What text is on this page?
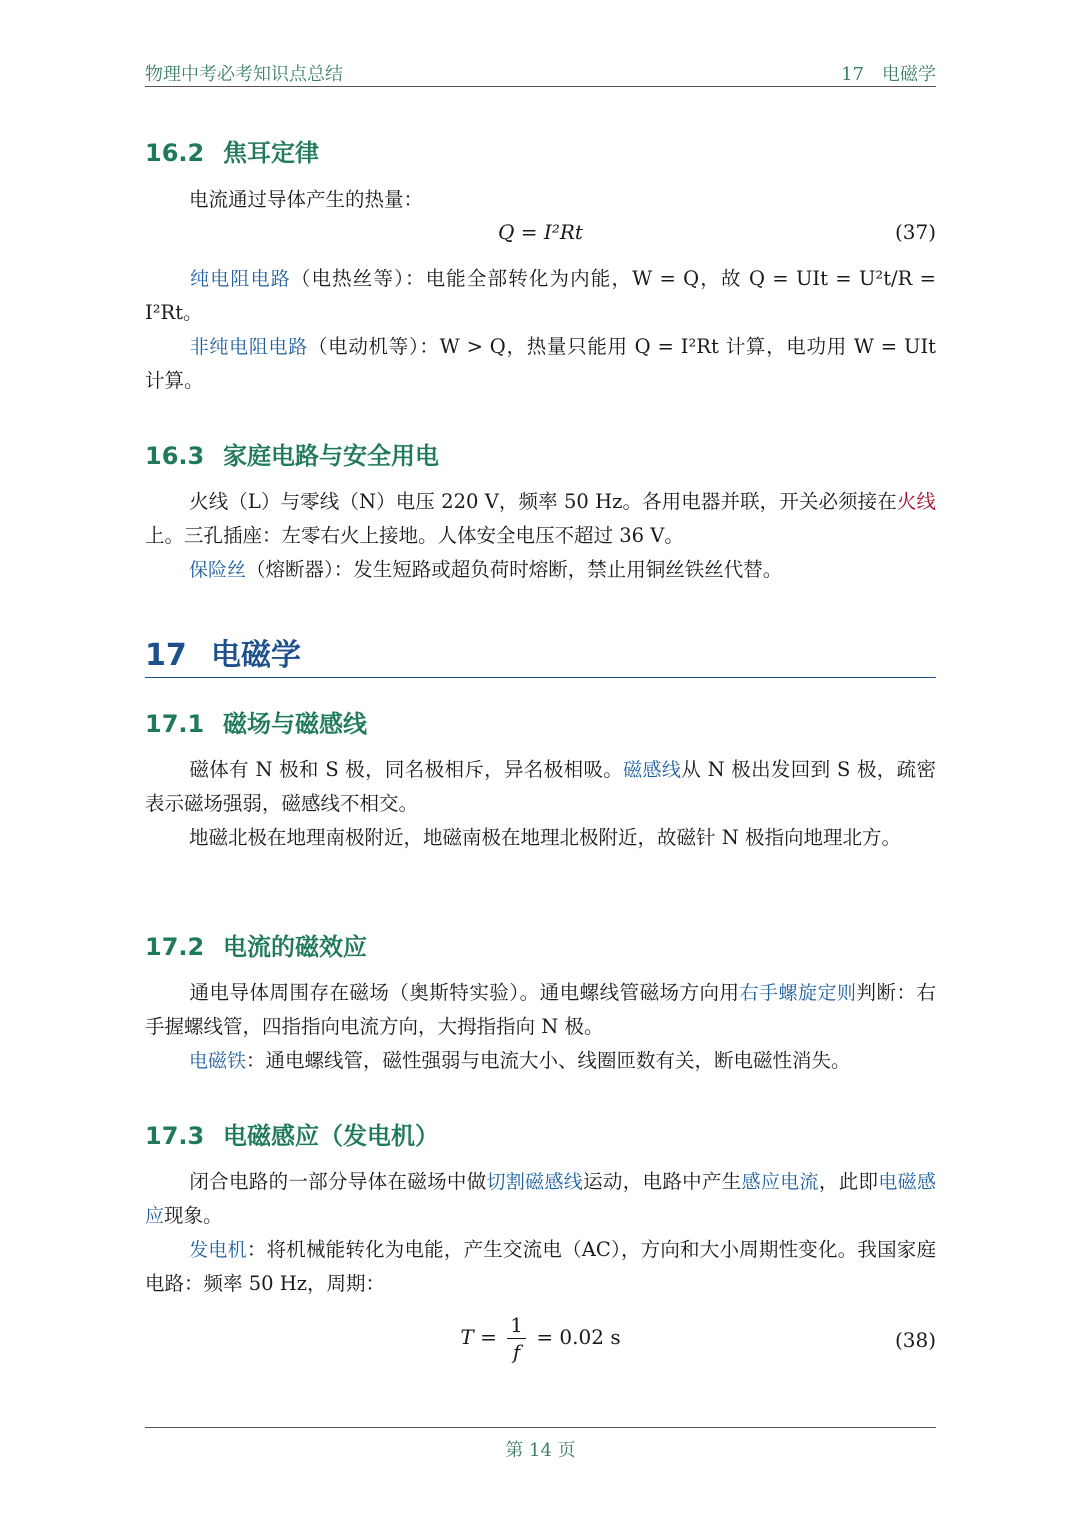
物理中考必考知识点总结	17　电磁学
16.2 焦耳定律
电流通过导体产生的热量：
Q = I²Rt	(37)
纯电阻电路（电热丝等）：电能全部转化为内能，W = Q，故 Q = UIt = U²t/R = I²Rt。
非纯电阻电路（电动机等）：W > Q，热量只能用 Q = I²Rt 计算，电功用 W = UIt 计算。
16.3 家庭电路与安全用电
火线（L）与零线（N）电压 220 V，频率 50 Hz。各用电器并联，开关必须接在火线上。三孔插座：左零右火上接地。人体安全电压不超过 36 V。
保险丝（熔断器）：发生短路或超负荷时熔断，禁止用铜丝铁丝代替。
17 电磁学
17.1 磁场与磁感线
磁体有 N 极和 S 极，同名极相斥，异名极相吸。磁感线从 N 极出发回到 S 极，疏密表示磁场强弱，磁感线不相交。
地磁北极在地理南极附近，地磁南极在地理北极附近，故磁针 N 极指向地理北方。
17.2 电流的磁效应
通电导体周围存在磁场（奥斯特实验）。通电螺线管磁场方向用右手螺旋定则判断：右手握螺线管，四指指向电流方向，大拇指指向 N 极。
电磁铁：通电螺线管，磁性强弱与电流大小、线圈匝数有关，断电磁性消失。
17.3 电磁感应（发电机）
闭合电路的一部分导体在磁场中做切割磁感线运动，电路中产生感应电流，此即电磁感应现象。
发电机：将机械能转化为电能，产生交流电（AC），方向和大小周期性变化。我国家庭电路：频率 50 Hz，周期：
$T = \frac{1}{f} = 0.02$ s	(38)
第 14 页
